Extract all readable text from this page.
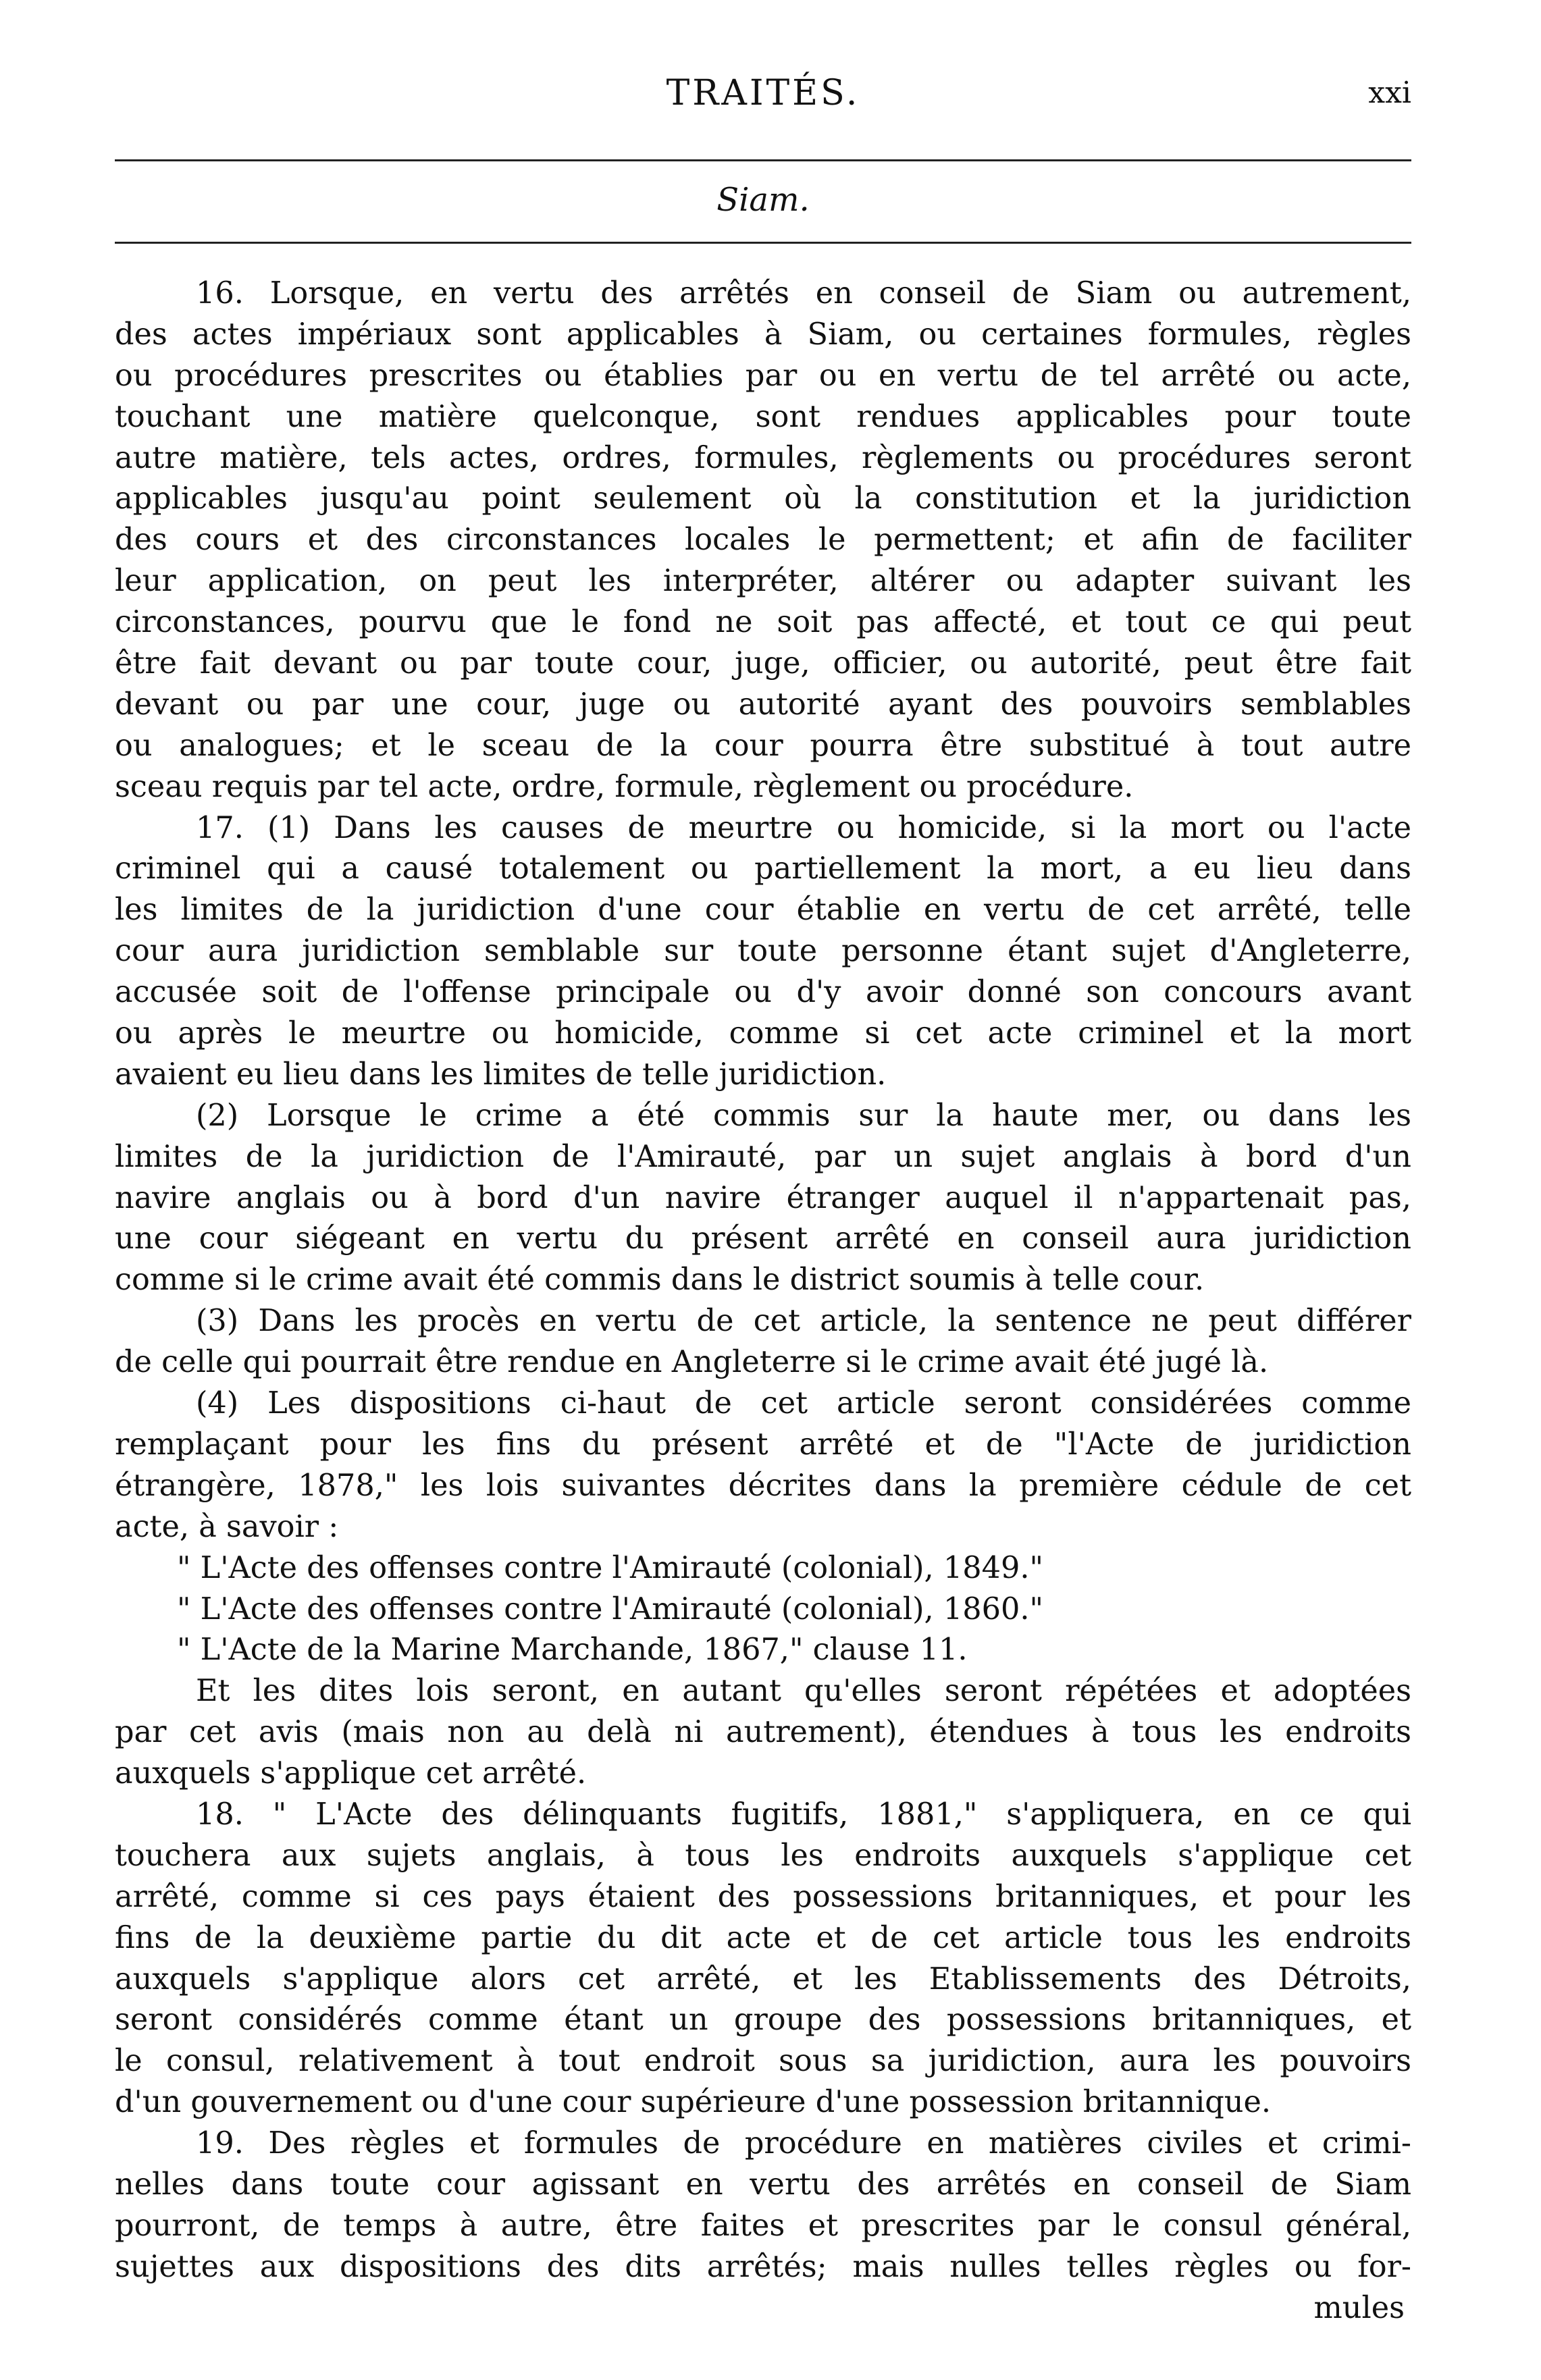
TRAITÉS.	xxi
Siam.
16. Lorsque, en vertu des arrêtés en conseil de Siam ou autrement,
des actes impériaux sont applicables à Siam, ou certaines formules, règles
ou procédures prescrites ou établies par ou en vertu de tel arrêté ou acte,
touchant une matière quelconque, sont rendues applicables pour toute
autre matière, tels actes, ordres, formules, règlements ou procédures seront
applicables jusqu'au point seulement où la constitution et la juridiction
des cours et des circonstances locales le permettent; et afin de faciliter
leur application, on peut les interpréter, altérer ou adapter suivant les
circonstances, pourvu que le fond ne soit pas affecté, et tout ce qui peut
être fait devant ou par toute cour, juge, officier, ou autorité, peut être fait
devant ou par une cour, juge ou autorité ayant des pouvoirs semblables
ou analogues; et le sceau de la cour pourra être substitué à tout autre
sceau requis par tel acte, ordre, formule, règlement ou procédure.
17. (1) Dans les causes de meurtre ou homicide, si la mort ou l'acte
criminel qui a causé totalement ou partiellement la mort, a eu lieu dans
les limites de la juridiction d'une cour établie en vertu de cet arrêté, telle
cour aura juridiction semblable sur toute personne étant sujet d'Angleterre,
accusée soit de l'offense principale ou d'y avoir donné son concours avant
ou après le meurtre ou homicide, comme si cet acte criminel et la mort
avaient eu lieu dans les limites de telle juridiction.
(2) Lorsque le crime a été commis sur la haute mer, ou dans les
limites de la juridiction de l'Amirauté, par un sujet anglais à bord d'un
navire anglais ou à bord d'un navire étranger auquel il n'appartenait pas,
une cour siégeant en vertu du présent arrêté en conseil aura juridiction
comme si le crime avait été commis dans le district soumis à telle cour.
(3) Dans les procès en vertu de cet article, la sentence ne peut différer
de celle qui pourrait être rendue en Angleterre si le crime avait été jugé là.
(4) Les dispositions ci-haut de cet article seront considérées comme
remplaçant pour les fins du présent arrêté et de "l'Acte de juridiction
étrangère, 1878," les lois suivantes décrites dans la première cédule de cet
acte, à savoir :
" L'Acte des offenses contre l'Amirauté (colonial), 1849."
" L'Acte des offenses contre l'Amirauté (colonial), 1860."
" L'Acte de la Marine Marchande, 1867," clause 11.
Et les dites lois seront, en autant qu'elles seront répétées et adoptées
par cet avis (mais non au delà ni autrement), étendues à tous les endroits
auxquels s'applique cet arrêté.
18. " L'Acte des délinquants fugitifs, 1881," s'appliquera, en ce qui
touchera aux sujets anglais, à tous les endroits auxquels s'applique cet
arrêté, comme si ces pays étaient des possessions britanniques, et pour les
fins de la deuxième partie du dit acte et de cet article tous les endroits
auxquels s'applique alors cet arrêté, et les Etablissements des Détroits,
seront considérés comme étant un groupe des possessions britanniques, et
le consul, relativement à tout endroit sous sa juridiction, aura les pouvoirs
d'un gouvernement ou d'une cour supérieure d'une possession britannique.
19. Des règles et formules de procédure en matières civiles et crimi-
nelles dans toute cour agissant en vertu des arrêtés en conseil de Siam
pourront, de temps à autre, être faites et prescrites par le consul général,
sujettes aux dispositions des dits arrêtés; mais nulles telles règles ou for-
mules
